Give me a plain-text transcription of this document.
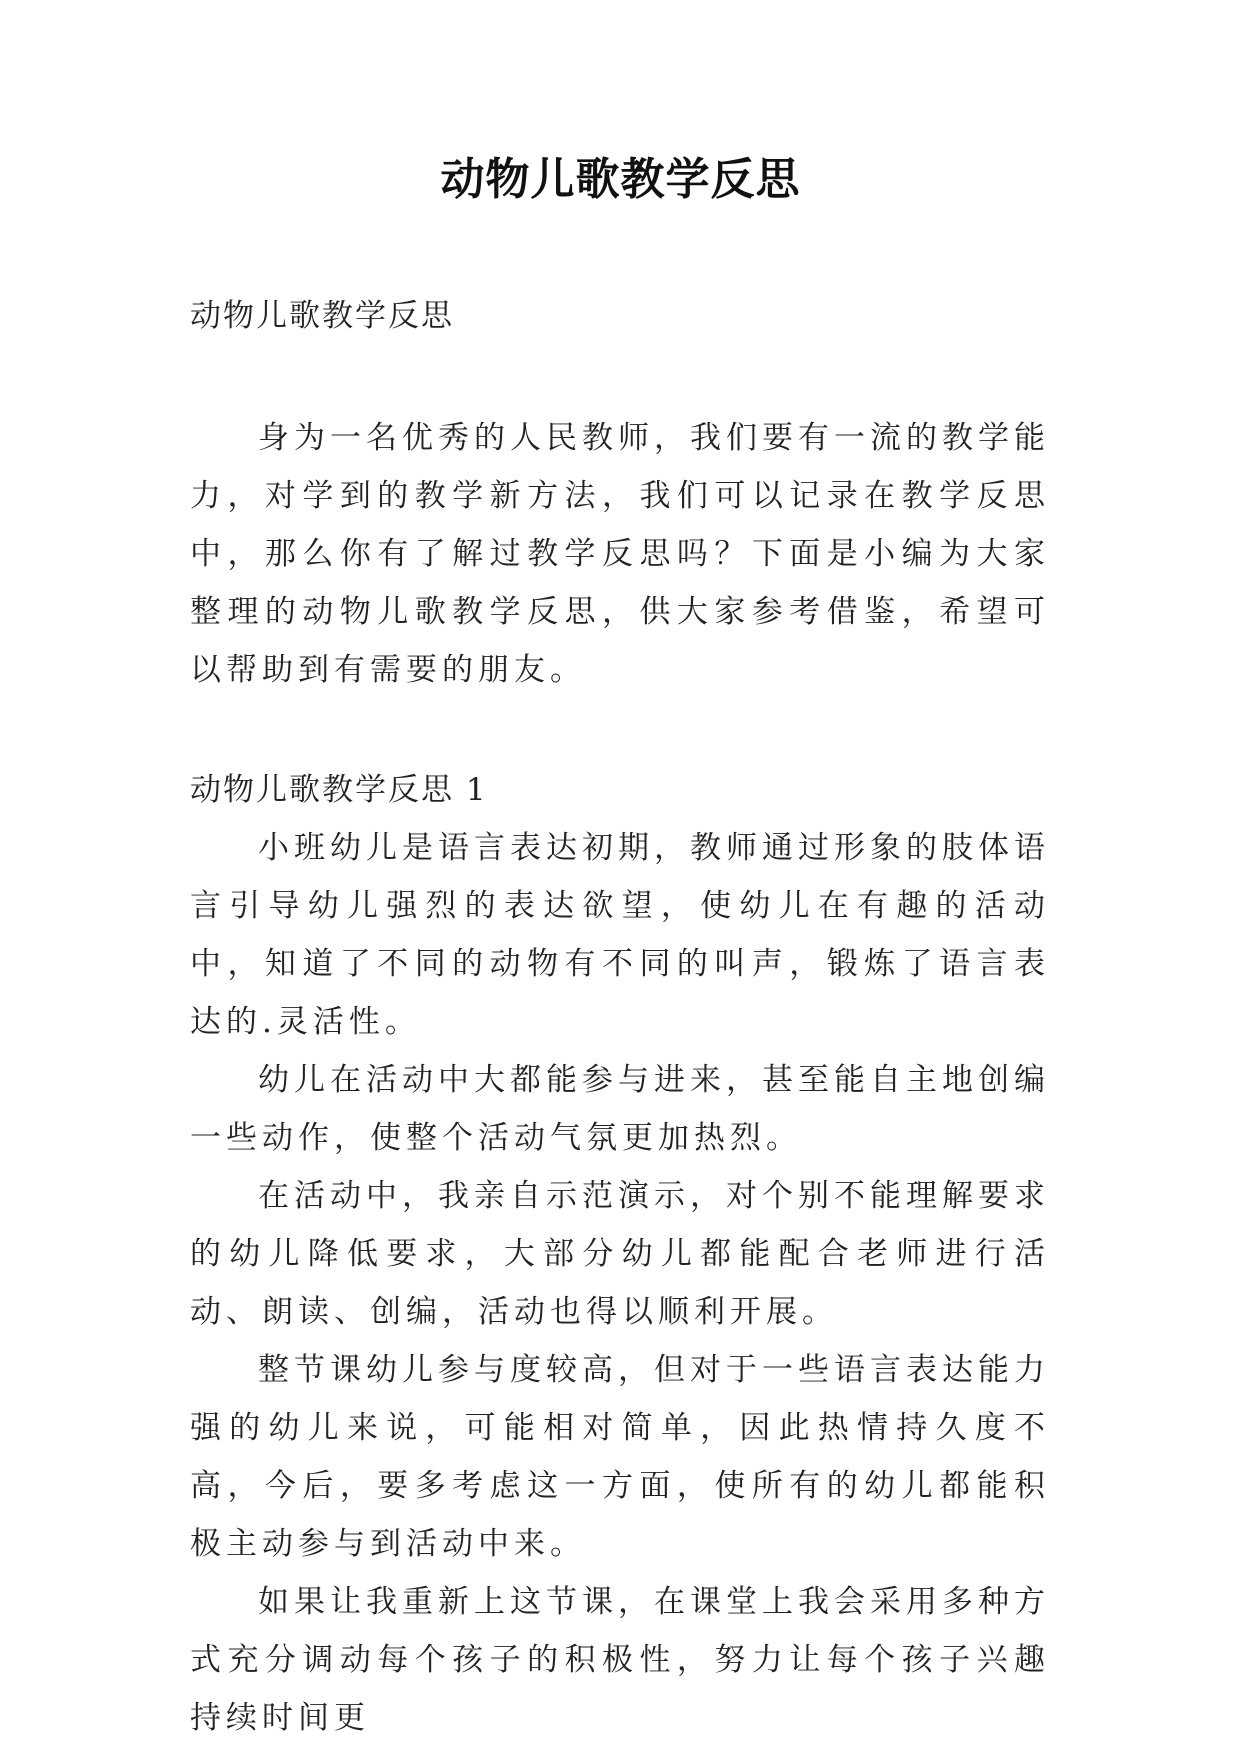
动物儿歌教学反思

动物儿歌教学反思

身为一名优秀的人民教师，我们要有一流的教学能力，对学到的教学新方法，我们可以记录在教学反思中，那么你有了解过教学反思吗？下面是小编为大家整理的动物儿歌教学反思，供大家参考借鉴，希望可以帮助到有需要的朋友。

动物儿歌教学反思 1

小班幼儿是语言表达初期，教师通过形象的肢体语言引导幼儿强烈的表达欲望，使幼儿在有趣的活动中，知道了不同的动物有不同的叫声，锻炼了语言表达的.灵活性。

幼儿在活动中大都能参与进来，甚至能自主地创编一些动作，使整个活动气氛更加热烈。

在活动中，我亲自示范演示，对个别不能理解要求的幼儿降低要求，大部分幼儿都能配合老师进行活动、朗读、创编，活动也得以顺利开展。

整节课幼儿参与度较高，但对于一些语言表达能力强的幼儿来说，可能相对简单，因此热情持久度不高，今后，要多考虑这一方面，使所有的幼儿都能积极主动参与到活动中来。

如果让我重新上这节课，在课堂上我会采用多种方式充分调动每个孩子的积极性，努力让每个孩子兴趣持续时间更
